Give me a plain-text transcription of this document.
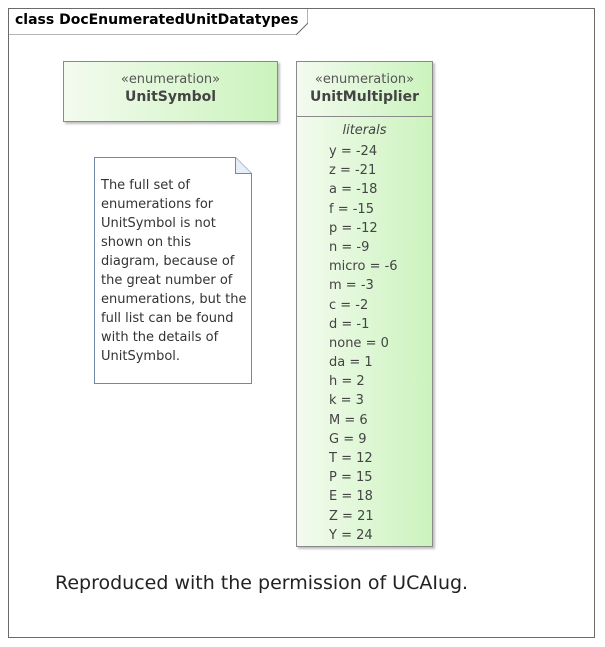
class DocEnumeratedUnitDatatypes
«enumeration»
UnitSymbol
«enumeration»
UnitMultiplier
literals
y = -24
z = -21
a = -18
f = -15
p = -12
n = -9
micro = -6
m = -3
c = -2
d = -1
none = 0
da = 1
h = 2
k = 3
M = 6
G = 9
T = 12
P = 15
E = 18
Z = 21
Y = 24
The full set of enumerations for UnitSymbol is not shown on this diagram, because of the great number of enumerations, but the full list can be found with the details of UnitSymbol.
Reproduced with the permission of UCAIug.
